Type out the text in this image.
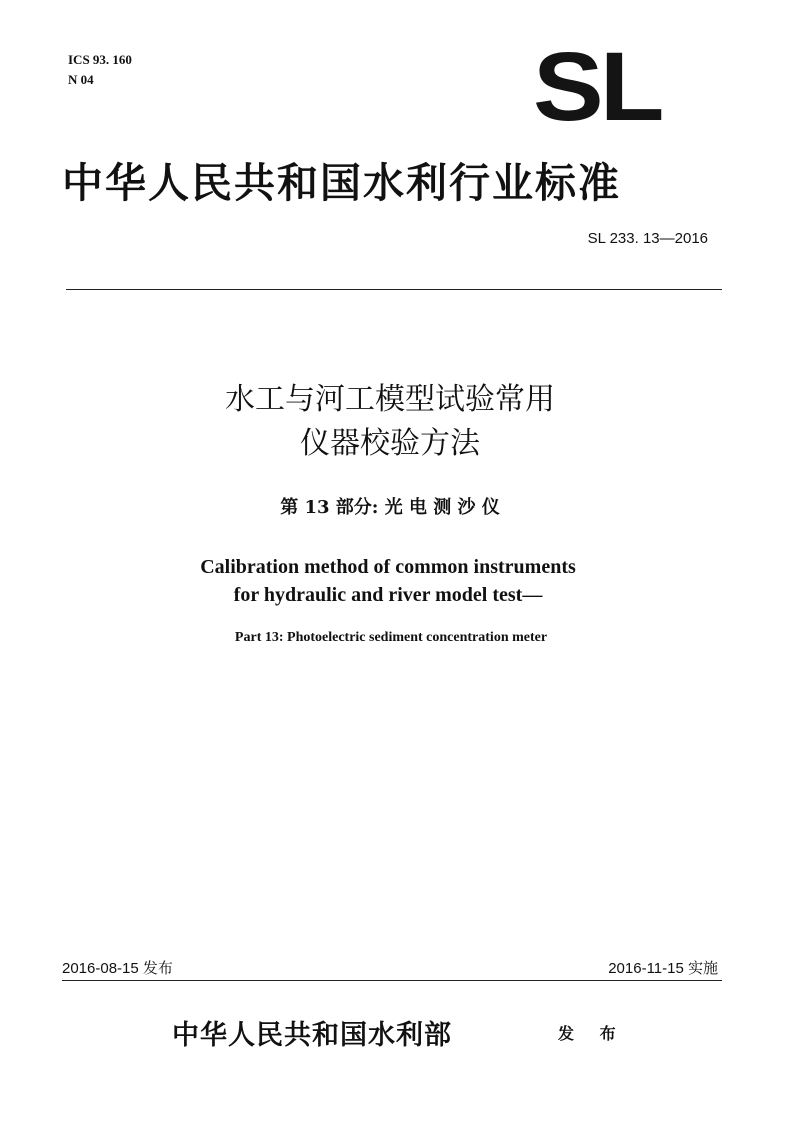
ICS 93. 160
N 04	SL
中华人民共和国水利行业标准
SL 233. 13—2016
水工与河工模型试验常用
仪器校验方法
第 13 部分: 光 电 测 沙 仪
Calibration method of common instruments
for hydraulic and river model test—
Part 13: Photoelectric sediment concentration meter
2016-08-15 发布	2016-11-15 实施
中华人民共和国水利部	发 布
